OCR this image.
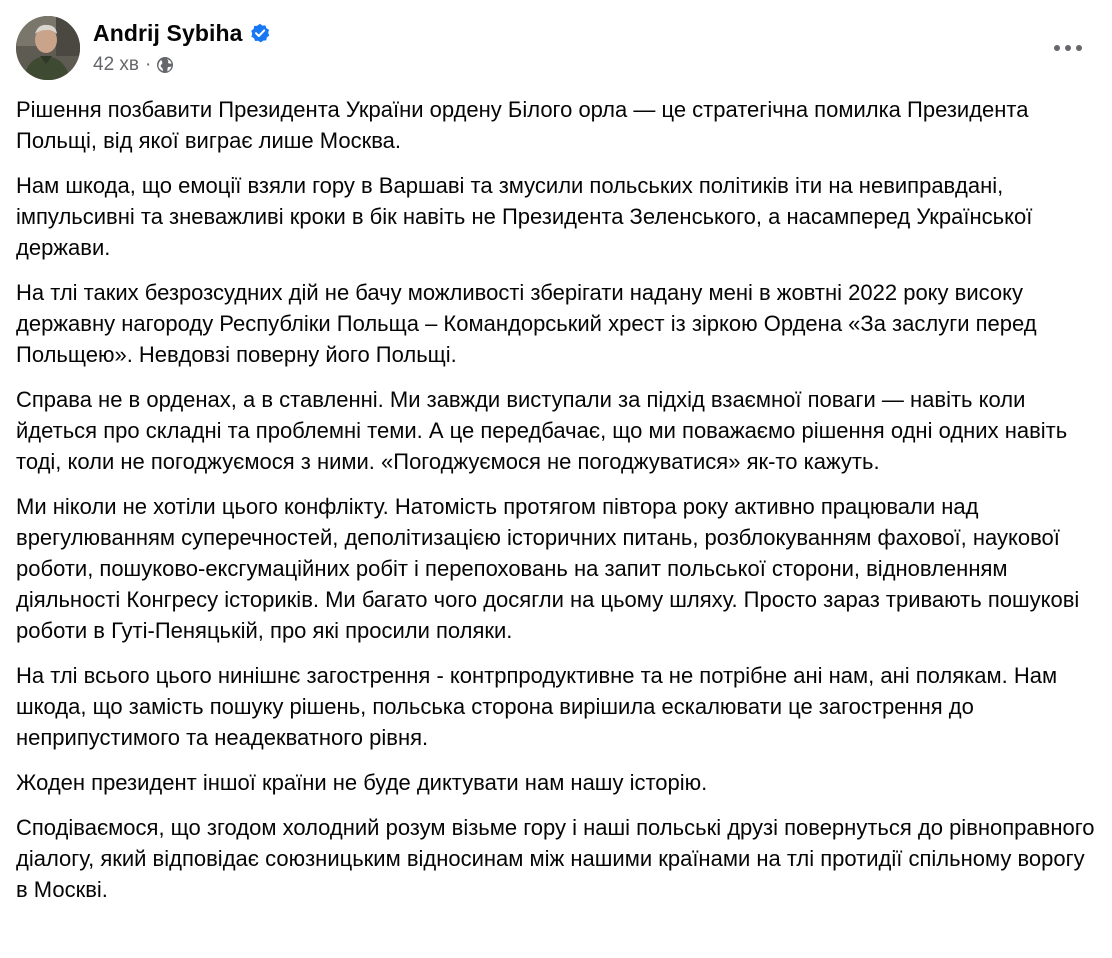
Andrij Sybiha
42 хв ·

Рішення позбавити Президента України ордену Білого орла — це стратегічна помилка Президента Польщі, від якої виграє лише Москва.

Нам шкода, що емоції взяли гору в Варшаві та змусили польських політиків іти на невиправдані, імпульсивні та зневажливі кроки в бік навіть не Президента Зеленського, а насамперед Української держави.

На тлі таких безрозсудних дій не бачу можливості зберігати надану мені в жовтні 2022 року високу державну нагороду Республіки Польща – Командорський хрест із зіркою Ордена «За заслуги перед Польщею». Невдовзі поверну його Польщі.

Справа не в орденах, а в ставленні. Ми завжди виступали за підхід взаємної поваги — навіть коли йдеться про складні та проблемні теми. А це передбачає, що ми поважаємо рішення одні одних навіть тоді, коли не погоджуємося з ними. «Погоджуємося не погоджуватися» як-то кажуть.

Ми ніколи не хотіли цього конфлікту. Натомість протягом півтора року активно працювали над врегулюванням суперечностей, деполітизацією історичних питань, розблокуванням фахової, наукової роботи, пошуково-ексгумаційних робіт і перепоховань на запит польської сторони, відновленням діяльності Конгресу істориків. Ми багато чого досягли на цьому шляху. Просто зараз тривають пошукові роботи в Гуті-Пеняцькій, про які просили поляки.

На тлі всього цього нинішнє загострення - контрпродуктивне та не потрібне ані нам, ані полякам. Нам шкода, що замість пошуку рішень, польська сторона вирішила ескалювати це загострення до неприпустимого та неадекватного рівня.

Жоден президент іншої країни не буде диктувати нам нашу історію.

Сподіваємося, що згодом холодний розум візьме гору і наші польські друзі повернуться до рівноправного діалогу, який відповідає союзницьким відносинам між нашими країнами на тлі протидії спільному ворогу в Москві.
